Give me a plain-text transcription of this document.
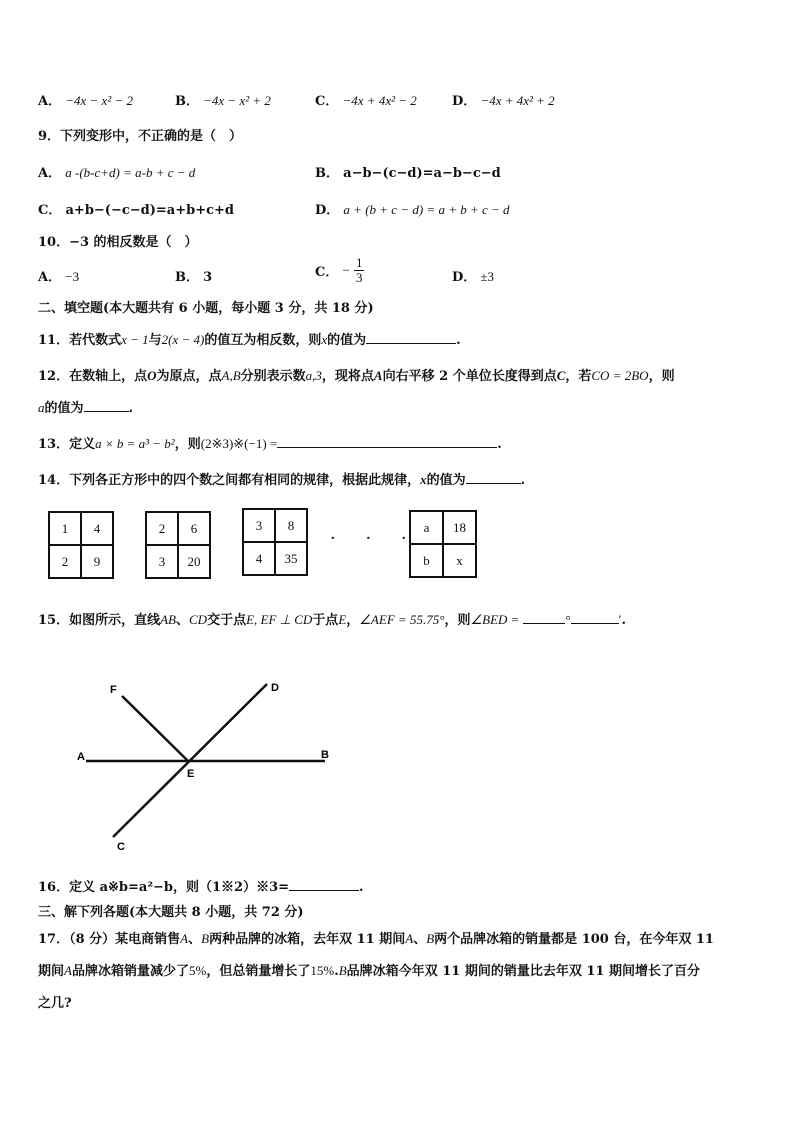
A． −4x − x² − 2	B． −4x − x² + 2	C． −4x + 4x² − 2	D． −4x + 4x² + 2
9．下列变形中，不正确的是（　）
A． a -(b-c+d) = a-b + c − d	B． a−b−(c−d)=a−b−c−d
C． a+b−(−c−d)=a+b+c+d	D． a + (b + c − d) = a + b + c − d
10．−3 的相反数是（　）
A． −3	B． 3	C． − $\frac{1}{3}$	D． ±3
二、填空题(本大题共有 6 小题，每小题 3 分，共 18 分)
11．若代数式x − 1与2(x − 4)的值互为相反数，则x的值为	.
12．在数轴上，点O为原点，点A,B分别表示数a,3，现将点A向右平移 2 个单位长度得到点C，若CO = 2BO，则
a的值为	.
13．定义a × b = a³ − b²，则(2※3)※(−1) =	.
14．下列各正方形中的四个数之间都有相同的规律，根据此规律，x的值为	.
1	4
2	9
2	6
3	20
3	8
4	35
· · ·
a	18
b	x
15．如图所示，直线AB、CD交于点E, EF ⊥ CD于点E，∠AEF = 55.75°，则∠BED =	°	′.
F	D
A	B
E
C
16．定义 a※b=a²−b，则（1※2）※3=	.
三、解下列各题(本大题共 8 小题，共 72 分)
17．（8 分）某电商销售A、B两种品牌的冰箱，去年双 11 期间A、B两个品牌冰箱的销量都是 100 台，在今年双 11
期间A品牌冰箱销量减少了5%，但总销量增长了15%.B品牌冰箱今年双 11 期间的销量比去年双 11 期间增长了百分
之几?
